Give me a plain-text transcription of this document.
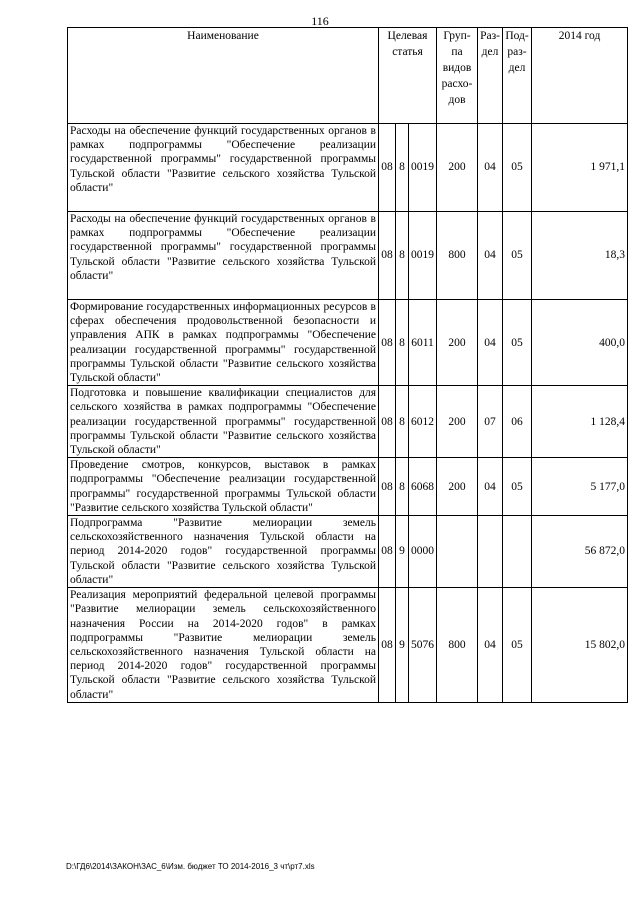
116
Наименование	Целевая статья			Груп-па видов расхо-дов	Раз-дел	Под-раз-дел	2014 год
Расходы на обеспечение функций государственных органов в рамках подпрограммы "Обеспечение реализации государственной программы" государственной программы Тульской области "Развитие сельского хозяйства Тульской области"	08	8	0019	200	04	05	1 971,1
Расходы на обеспечение функций государственных органов в рамках подпрограммы "Обеспечение реализации государственной программы" государственной программы Тульской области "Развитие сельского хозяйства Тульской области"	08	8	0019	800	04	05	18,3
Формирование государственных информационных ресурсов в сферах обеспечения продовольственной безопасности и управления АПК в рамках подпрограммы "Обеспечение реализации государственной программы" государственной программы Тульской области "Развитие сельского хозяйства Тульской области"	08	8	6011	200	04	05	400,0
Подготовка и повышение квалификации специалистов для сельского хозяйства в рамках подпрограммы "Обеспечение реализации государственной программы" государственной программы Тульской области "Развитие сельского хозяйства Тульской области"	08	8	6012	200	07	06	1 128,4
Проведение смотров, конкурсов, выставок в рамках подпрограммы "Обеспечение реализации государственной программы" государственной программы Тульской области "Развитие сельского хозяйства Тульской области"	08	8	6068	200	04	05	5 177,0
Подпрограмма "Развитие мелиорации земель сельскохозяйственного назначения Тульской области на период 2014-2020 годов" государственной программы Тульской области "Развитие сельского хозяйства Тульской области"	08	9	0000				56 872,0
Реализация мероприятий федеральной целевой программы "Развитие мелиорации земель сельскохозяйственного назначения России на 2014-2020 годов" в рамках подпрограммы "Развитие мелиорации земель сельскохозяйственного назначения Тульской области на период 2014-2020 годов" государственной программы Тульской области "Развитие сельского хозяйства Тульской области"	08	9	5076	800	04	05	15 802,0
D:\ГД6\2014\ЗАКОН\ЗАС_6\Изм. бюджет ТО 2014-2016_3 чт\рт7.xls
